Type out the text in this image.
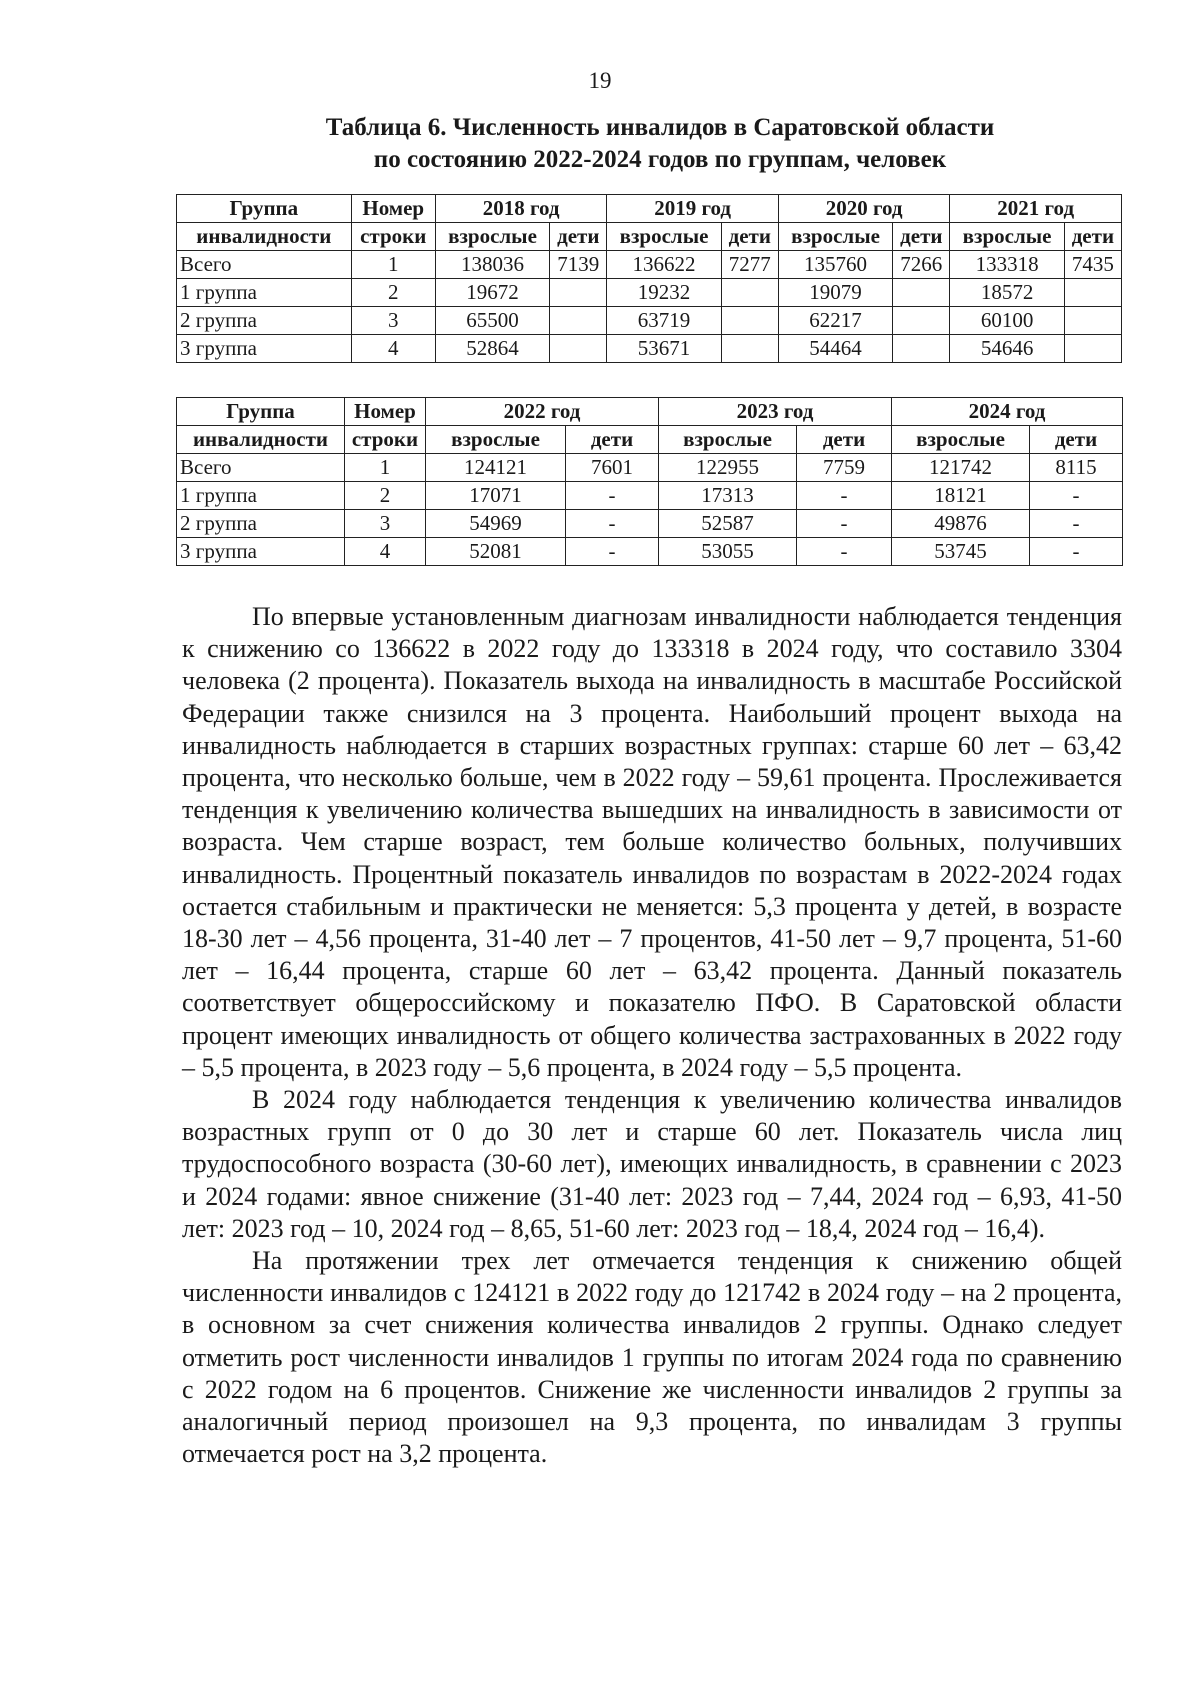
19
Таблица 6. Численность инвалидов в Саратовской области
по состоянию 2022-2024 годов по группам, человек
Группа	Номер	2018 год		2019 год		2020 год		2021 год	
инвалидности	строки	взрослые	дети	взрослые	дети	взрослые	дети	взрослые	дети
Всего	1	138036	7139	136622	7277	135760	7266	133318	7435
1 группа	2	19672		19232		19079		18572	
2 группа	3	65500		63719		62217		60100	
3 группа	4	52864		53671		54464		54646	
Группа	Номер	2022 год		2023 год		2024 год	
инвалидности	строки	взрослые	дети	взрослые	дети	взрослые	дети
Всего	1	124121	7601	122955	7759	121742	8115
1 группа	2	17071	-	17313	-	18121	-
2 группа	3	54969	-	52587	-	49876	-
3 группа	4	52081	-	53055	-	53745	-

По впервые установленным диагнозам инвалидности наблюдается тенденция к снижению со 136622 в 2022 году до 133318 в 2024 году, что составило 3304 человека (2 процента). Показатель выхода на инвалидность в масштабе Российской Федерации также снизился на 3 процента. Наибольший процент выхода на инвалидность наблюдается в старших возрастных группах: старше 60 лет – 63,42 процента, что несколько больше, чем в 2022 году – 59,61 процента. Прослеживается тенденция к увеличению количества вышедших на инвалидность в зависимости от возраста. Чем старше возраст, тем больше количество больных, получивших инвалидность. Процентный показатель инвалидов по возрастам в 2022-2024 годах остается стабильным и практически не меняется: 5,3 процента у детей, в возрасте 18-30 лет – 4,56 процента, 31-40 лет – 7 процентов, 41-50 лет – 9,7 процента, 51-60 лет – 16,44 процента, старше 60 лет – 63,42 процента. Данный показатель соответствует общероссийскому и показателю ПФО. В Саратовской области процент имеющих инвалидность от общего количества застрахованных в 2022 году – 5,5 процента, в 2023 году – 5,6 процента, в 2024 году – 5,5 процента.

В 2024 году наблюдается тенденция к увеличению количества инвалидов возрастных групп от 0 до 30 лет и старше 60 лет. Показатель числа лиц трудоспособного возраста (30-60 лет), имеющих инвалидность, в сравнении с 2023 и 2024 годами: явное снижение (31-40 лет: 2023 год – 7,44, 2024 год – 6,93, 41-50 лет: 2023 год – 10, 2024 год – 8,65, 51-60 лет: 2023 год – 18,4, 2024 год – 16,4).

На протяжении трех лет отмечается тенденция к снижению общей численности инвалидов с 124121 в 2022 году до 121742 в 2024 году – на 2 процента, в основном за счет снижения количества инвалидов 2 группы. Однако следует отметить рост численности инвалидов 1 группы по итогам 2024 года по сравнению с 2022 годом на 6 процентов. Снижение же численности инвалидов 2 группы за аналогичный период произошел на 9,3 процента, по инвалидам 3 группы отмечается рост на 3,2 процента.
